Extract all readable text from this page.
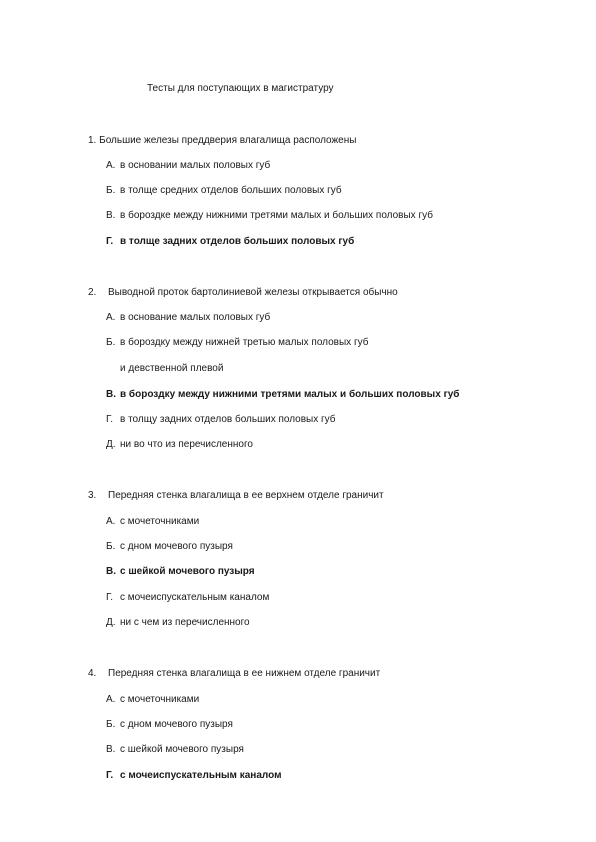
Тесты для поступающих в магистратуру
1. Большие железы преддверия влагалища расположены
А. в основании малых половых губ
Б. в толще средних отделов больших половых губ
В. в бороздке между нижними третями малых и больших половых губ
Г. в толще задних отделов больших половых губ
2. Выводной проток бартолиниевой железы открывается обычно
А. в основание малых половых губ
Б. в бороздку между нижней третью малых половых губ
и девственной плевой
В. в бороздку между нижними третями малых и больших половых губ
Г. в толщу задних отделов больших половых губ
Д. ни во что из перечисленного
3. Передняя стенка влагалища в ее верхнем отделе граничит
А. с мочеточниками
Б. с дном мочевого пузыря
В. с шейкой мочевого пузыря
Г. с мочеиспускательным каналом
Д. ни с чем из перечисленного
4. Передняя стенка влагалища в ее нижнем отделе граничит
А. с мочеточниками
Б. с дном мочевого пузыря
В. с шейкой мочевого пузыря
Г. с мочеиспускательным каналом
